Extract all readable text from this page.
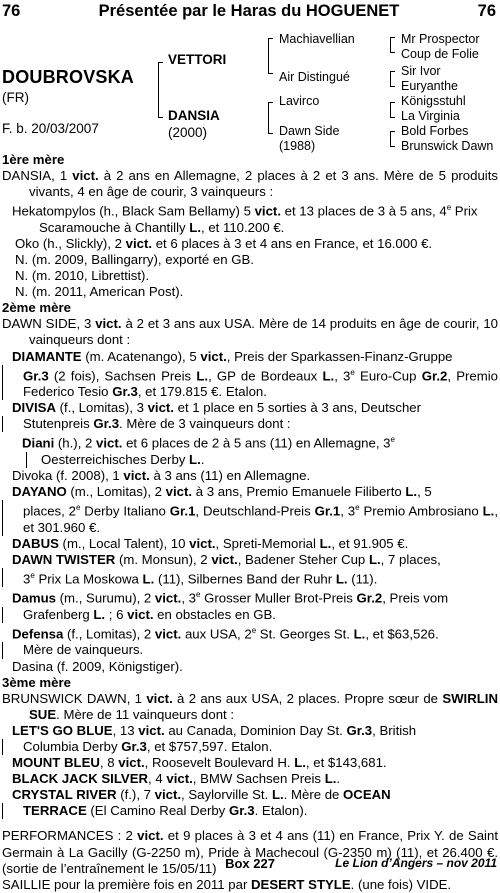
76	Présentée par le Haras du HOGUENET	76
DOUBROVSKA
(FR)
F. b. 20/03/2007
VETTORI
DANSIA
(2000)
Machiavellian
Air Distingué
Lavirco
Dawn Side
(1988)
Mr Prospector
Coup de Folie
Sir Ivor
Euryanthe
Königsstuhl
La Virginia
Bold Forbes
Brunswick Dawn

1ère mère

DANSIA, 1 vict. à 2 ans en Allemagne, 2 places à 2 et 3 ans. Mère de 5 produits vivants, 4 en âge de courir, 3 vainqueurs :

Hekatompylos (h., Black Sam Bellamy) 5 vict. et 13 places de 3 à 5 ans, 4e Prix Scaramouche à Chantilly L., et 110.200 €.

Oko (h., Slickly), 2 vict. et 6 places à 3 et 4 ans en France, et 16.000 €.

N. (m. 2009, Ballingarry), exporté en GB.

N. (m. 2010, Librettist).

N. (m. 2011, American Post).

2ème mère

DAWN SIDE, 3 vict. à 2 et 3 ans aux USA. Mère de 14 produits en âge de courir, 10 vainqueurs dont :

DIAMANTE (m. Acatenango), 5 vict., Preis der Sparkassen-Finanz-Gruppe

Gr.3 (2 fois), Sachsen Preis L., GP de Bordeaux L., 3e Euro-Cup Gr.2, Premio Federico Tesio Gr.3, et 179.815 €. Etalon.

DIVISA (f., Lomitas), 3 vict. et 1 place en 5 sorties à 3 ans, Deutscher

Stutenpreis Gr.3. Mère de 3 vainqueurs dont :

Diani (h.), 2 vict. et 6 places de 2 à 5 ans (11) en Allemagne, 3e

Oesterreichisches Derby L..

Divoka (f. 2008), 1 vict. à 3 ans (11) en Allemagne.

DAYANO (m., Lomitas), 2 vict. à 3 ans, Premio Emanuele Filiberto L., 5

places, 2e Derby Italiano Gr.1, Deutschland-Preis Gr.1, 3e Premio Ambrosiano L., et 301.960 €.

DABUS (m., Local Talent), 10 vict., Spreti-Memorial L., et 91.905 €.

DAWN TWISTER (m. Monsun), 2 vict., Badener Steher Cup L., 7 places,

3e Prix La Moskowa L. (11), Silbernes Band der Ruhr L. (11).

Damus (m., Surumu), 2 vict., 3e Grosser Muller Brot-Preis Gr.2, Preis vom

Grafenberg L. ; 6 vict. en obstacles en GB.

Defensa (f., Lomitas), 2 vict. aux USA, 2e St. Georges St. L., et $63,526.

Mère de vainqueurs.

Dasina (f. 2009, Königstiger).

3ème mère

BRUNSWICK DAWN, 1 vict. à 2 ans aux USA, 2 places. Propre sœur de SWIRLIN SUE. Mère de 11 vainqueurs dont :

LET'S GO BLUE, 13 vict. au Canada, Dominion Day St. Gr.3, British

Columbia Derby Gr.3, et $757,597. Etalon.

MOUNT BLEU, 8 vict., Roosevelt Boulevard H. L., et $143,681.

BLACK JACK SILVER, 4 vict., BMW Sachsen Preis L..

CRYSTAL RIVER (f.), 7 vict., Saylorville St. L.. Mère de OCEAN

TERRACE (El Camino Real Derby Gr.3. Etalon).

PERFORMANCES : 2 vict. et 9 places à 3 et 4 ans (11) en France, Prix Y. de Saint Germain à La Gacilly (G-2250 m), Pride à Machecoul (G-2350 m) (11), et 26.400 €. (sortie de l’entraînement le 15/05/11)

SAILLIE pour la première fois en 2011 par DESERT STYLE. (une fois) VIDE.

Box 227	Le Lion d’Angers – nov 2011
